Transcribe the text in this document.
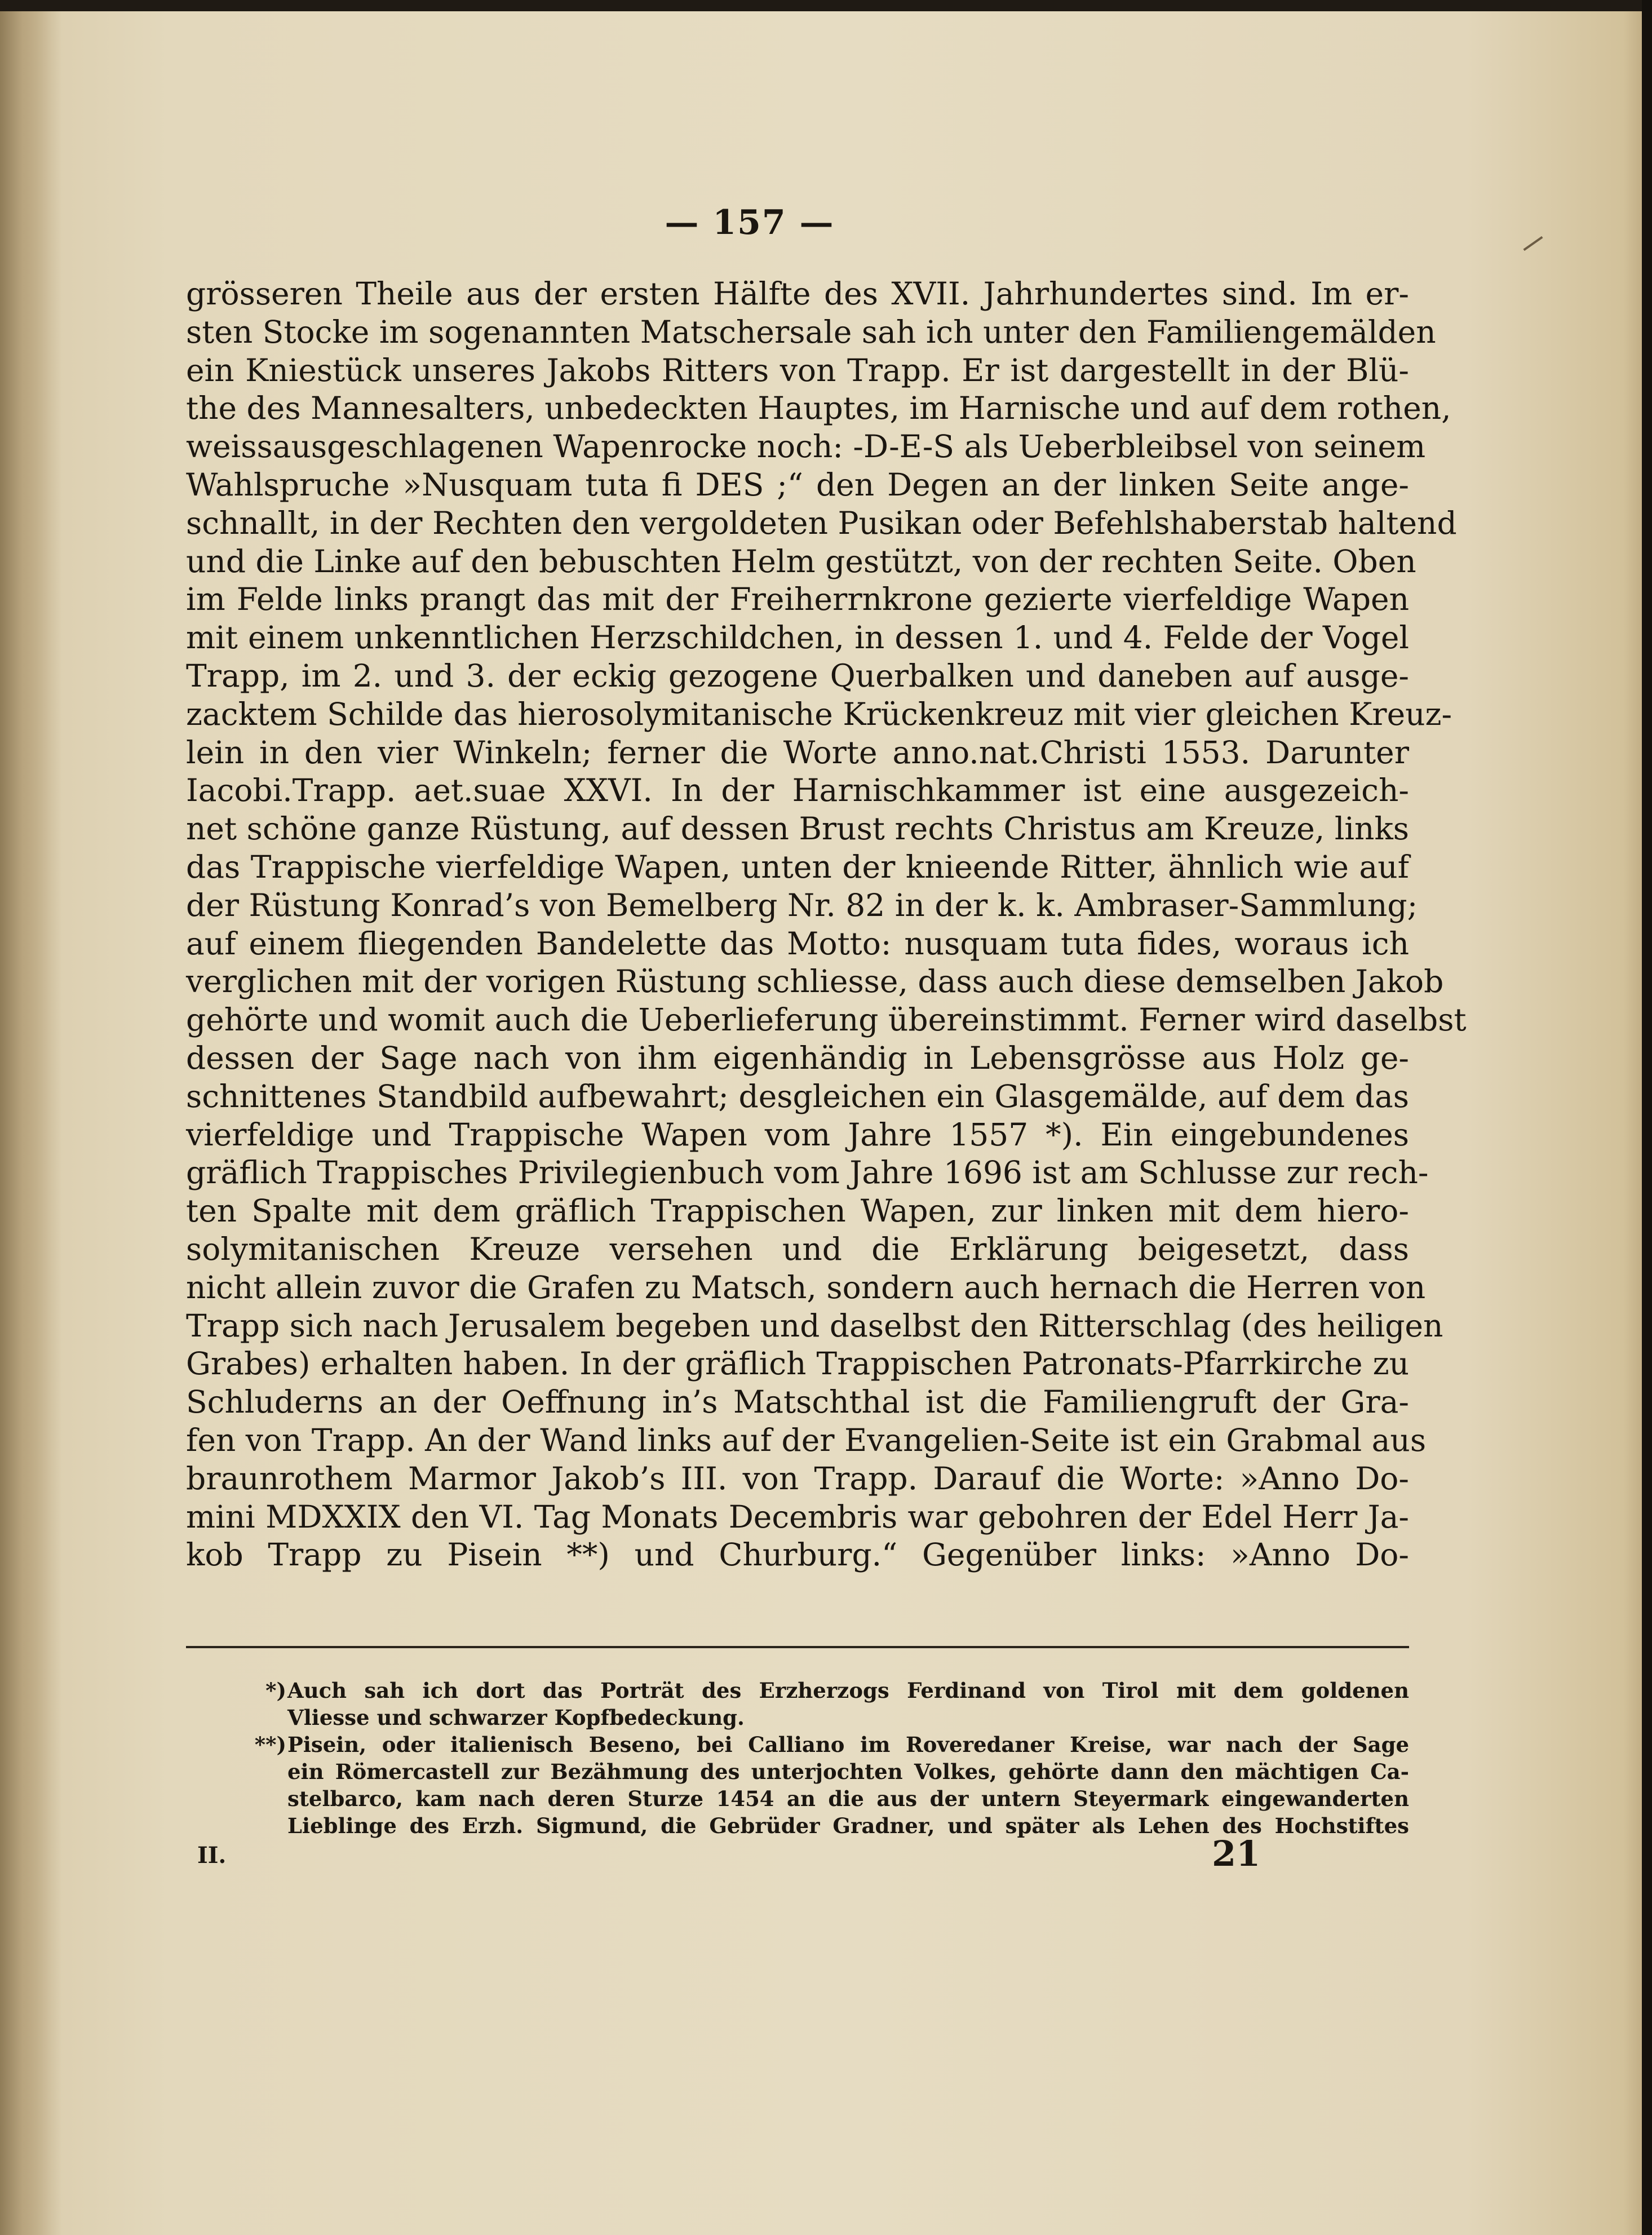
— 157 —
grösseren Theile aus der ersten Hälfte des XVII. Jahrhundertes sind. Im er-
sten Stocke im sogenannten Matschersale sah ich unter den Familiengemälden
ein Kniestück unseres Jakobs Ritters von Trapp. Er ist dargestellt in der Blü-
the des Mannesalters, unbedeckten Hauptes, im Harnische und auf dem rothen,
weissausgeschlagenen Wapenrocke noch: -D-E-S als Ueberbleibsel von seinem
Wahlspruche »Nusquam tuta fi DES ;“ den Degen an der linken Seite ange-
schnallt, in der Rechten den vergoldeten Pusikan oder Befehlshaberstab haltend
und die Linke auf den bebuschten Helm gestützt, von der rechten Seite. Oben
im Felde links prangt das mit der Freiherrnkrone gezierte vierfeldige Wapen
mit einem unkenntlichen Herzschildchen, in dessen 1. und 4. Felde der Vogel
Trapp, im 2. und 3. der eckig gezogene Querbalken und daneben auf ausge-
zacktem Schilde das hierosolymitanische Krückenkreuz mit vier gleichen Kreuz-
lein in den vier Winkeln; ferner die Worte anno.nat.Christi 1553. Darunter
Iacobi.Trapp. aet.suae XXVI. In der Harnischkammer ist eine ausgezeich-
net schöne ganze Rüstung, auf dessen Brust rechts Christus am Kreuze, links
das Trappische vierfeldige Wapen, unten der knieende Ritter, ähnlich wie auf
der Rüstung Konrad’s von Bemelberg Nr. 82 in der k. k. Ambraser-Sammlung;
auf einem fliegenden Bandelette das Motto: nusquam tuta fides, woraus ich
verglichen mit der vorigen Rüstung schliesse, dass auch diese demselben Jakob
gehörte und womit auch die Ueberlieferung übereinstimmt. Ferner wird daselbst
dessen der Sage nach von ihm eigenhändig in Lebensgrösse aus Holz ge-
schnittenes Standbild aufbewahrt; desgleichen ein Glasgemälde, auf dem das
vierfeldige und Trappische Wapen vom Jahre 1557 *). Ein eingebundenes
gräflich Trappisches Privilegienbuch vom Jahre 1696 ist am Schlusse zur rech-
ten Spalte mit dem gräflich Trappischen Wapen, zur linken mit dem hiero-
solymitanischen Kreuze versehen und die Erklärung beigesetzt, dass
nicht allein zuvor die Grafen zu Matsch, sondern auch hernach die Herren von
Trapp sich nach Jerusalem begeben und daselbst den Ritterschlag (des heiligen
Grabes) erhalten haben. In der gräflich Trappischen Patronats-Pfarrkirche zu
Schluderns an der Oeffnung in’s Matschthal ist die Familiengruft der Gra-
fen von Trapp. An der Wand links auf der Evangelien-Seite ist ein Grabmal aus
braunrothem Marmor Jakob’s III. von Trapp. Darauf die Worte: »Anno Do-
mini MDXXIX den VI. Tag Monats Decembris war gebohren der Edel Herr Ja-
kob Trapp zu Pisein **) und Churburg.“ Gegenüber links: »Anno Do-
*) Auch sah ich dort das Porträt des Erzherzogs Ferdinand von Tirol mit dem goldenen
Vliesse und schwarzer Kopfbedeckung.
**) Pisein, oder italienisch Beseno, bei Calliano im Roveredaner Kreise, war nach der Sage
ein Römercastell zur Bezähmung des unterjochten Volkes, gehörte dann den mächtigen Ca-
stelbarco, kam nach deren Sturze 1454 an die aus der untern Steyermark eingewanderten
Lieblinge des Erzh. Sigmund, die Gebrüder Gradner, und später als Lehen des Hochstiftes
II.	21
